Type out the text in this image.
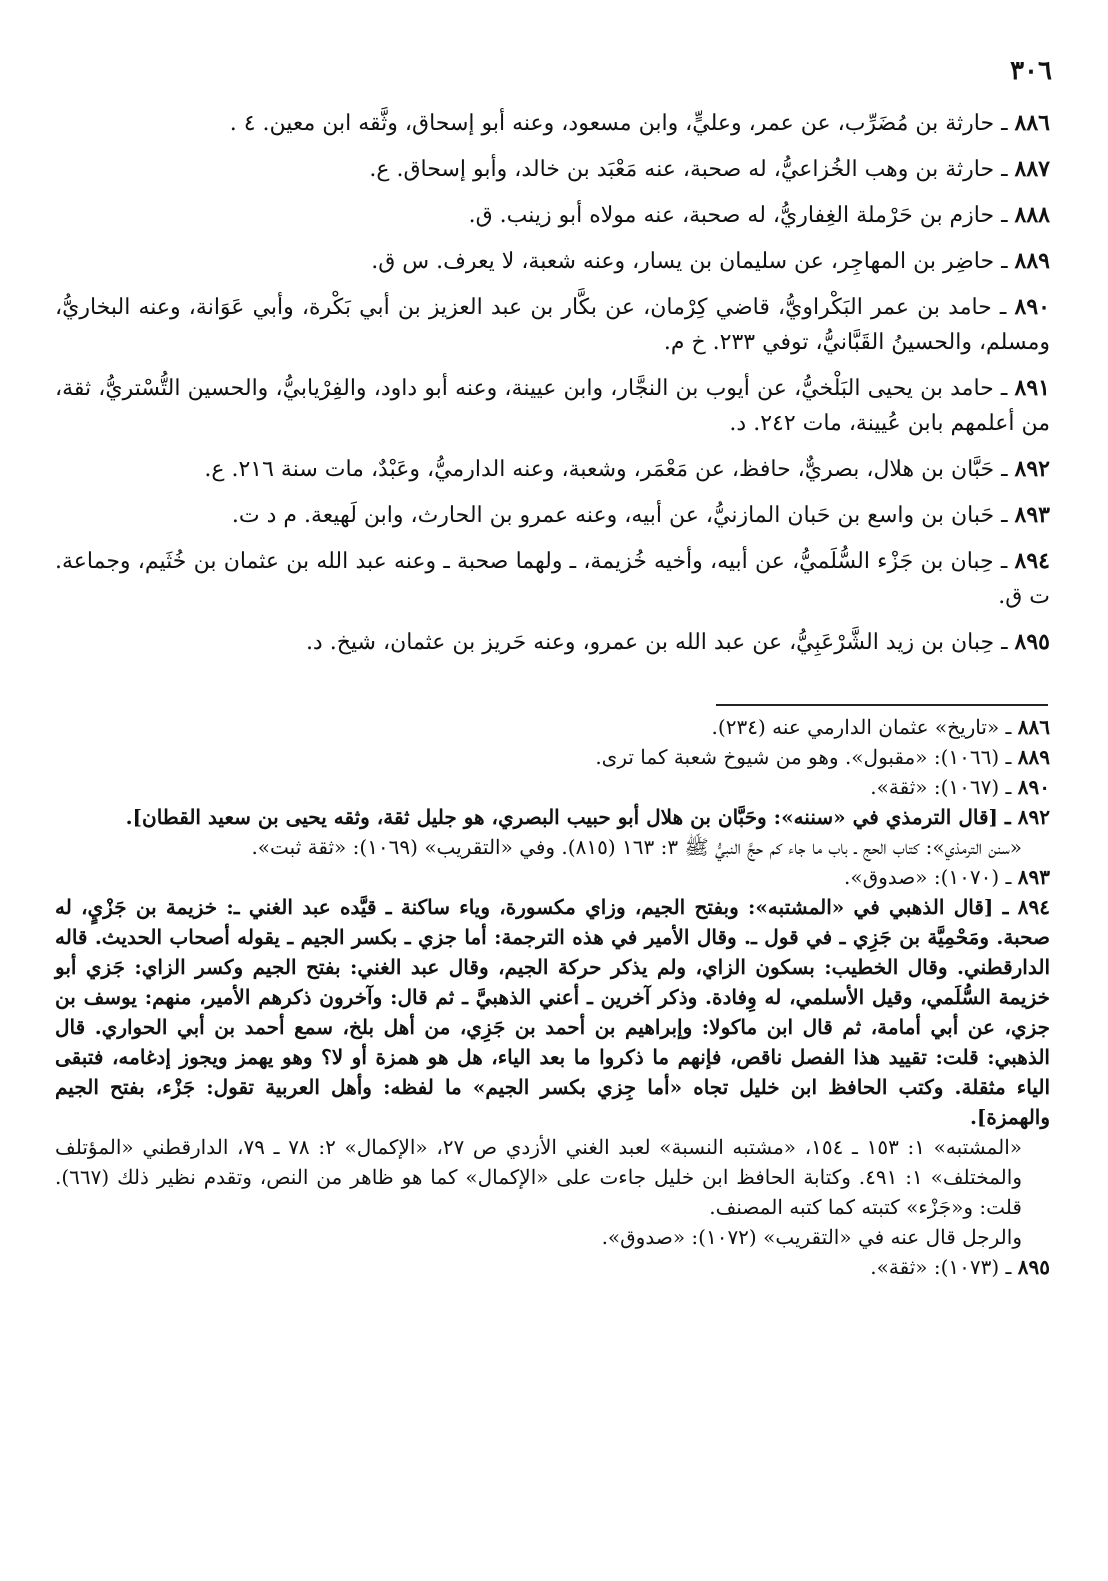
٣٠٦

٨٨٦ ـ حارثة بن مُضَرِّب، عن عمر، وعليٍّ، وابن مسعود، وعنه أبو إسحاق، وثَّقه ابن معين. ٤ .

٨٨٧ ـ حارثة بن وهب الخُزاعيُّ، له صحبة، عنه مَعْبَد بن خالد، وأبو إسحاق. ع.

٨٨٨ ـ حازم بن حَرْملة الغِفاريُّ، له صحبة، عنه مولاه أبو زينب. ق.

٨٨٩ ـ حاضِر بن المهاجِر، عن سليمان بن يسار، وعنه شعبة، لا يعرف. س ق.

٨٩٠ ـ حامد بن عمر البَكْراويُّ، قاضي كِرْمان، عن بكَّار بن عبد العزيز بن أبي بَكْرة، وأبي عَوَانة، وعنه البخاريُّ، ومسلم، والحسينُ القَبَّانيُّ، توفي ٢٣٣. خ م.

٨٩١ ـ حامد بن يحيى البَلْخيُّ، عن أيوب بن النجَّار، وابن عيينة، وعنه أبو داود، والفِرْيابيُّ، والحسين التُّسْتريُّ، ثقة، من أعلمهم بابن عُيينة، مات ٢٤٢. د.

٨٩٢ ـ حَبَّان بن هلال، بصريٌّ، حافظ، عن مَعْمَر، وشعبة، وعنه الدارميُّ، وعَبْدٌ، مات سنة ٢١٦. ع.

٨٩٣ ـ حَبان بن واسع بن حَبان المازنيُّ، عن أبيه، وعنه عمرو بن الحارث، وابن لَهيعة. م د ت.

٨٩٤ ـ حِبان بن جَزْء السُّلَميُّ، عن أبيه، وأخيه خُزيمة، ـ ولهما صحبة ـ وعنه عبد الله بن عثمان بن خُثَيم، وجماعة. ت ق.

٨٩٥ ـ حِبان بن زيد الشَّرْعَبِيُّ، عن عبد الله بن عمرو، وعنه حَريز بن عثمان، شيخ. د.

٨٨٦ ـ «تاريخ» عثمان الدارمي عنه (٢٣٤).

٨٨٩ ـ (١٠٦٦): «مقبول». وهو من شيوخ شعبة كما ترى.

٨٩٠ ـ (١٠٦٧): «ثقة».

٨٩٢ ـ [قال الترمذي في «سننه»: وحَبَّان بن هلال أبو حبيب البصري، هو جليل ثقة، وثقه يحيى بن سعيد القطان].

«سنن الترمذي»: كتاب الحج ـ باب ما جاء كم حجَّ النبيُّ ﷺ ٣: ١٦٣ (٨١٥). وفي «التقريب» (١٠٦٩): «ثقة ثبت».

٨٩٣ ـ (١٠٧٠): «صدوق».

٨٩٤ ـ [قال الذهبي في «المشتبه»: وبفتح الجيم، وزاي مكسورة، وياء ساكنة ـ قيَّده عبد الغني ـ: خزيمة بن جَزْيٍ، له صحبة. ومَحْمِيَّة بن جَزِي ـ في قول ـ. وقال الأمير في هذه الترجمة: أما جزي ـ بكسر الجيم ـ يقوله أصحاب الحديث. قاله الدارقطني. وقال الخطيب: بسكون الزاي، ولم يذكر حركة الجيم، وقال عبد الغني: بفتح الجيم وكسر الزاي: جَزي أبو خزيمة السُّلَمي، وقيل الأسلمي، له وِفادة. وذكر آخرين ـ أعني الذهبيَّ ـ ثم قال: وآخرون ذكرهم الأمير، منهم: يوسف بن جزي، عن أبي أمامة، ثم قال ابن ماكولا: وإبراهيم بن أحمد بن جَزِي، من أهل بلخ، سمع أحمد بن أبي الحواري. قال الذهبي: قلت: تقييد هذا الفصل ناقص، فإنهم ما ذكروا ما بعد الياء، هل هو همزة أو لا؟ وهو يهمز ويجوز إدغامه، فتبقى الياء مثقلة. وكتب الحافظ ابن خليل تجاه «أما جِزي بكسر الجيم» ما لفظه: وأهل العربية تقول: جَزْء، بفتح الجيم والهمزة].

«المشتبه» ١: ١٥٣ ـ ١٥٤، «مشتبه النسبة» لعبد الغني الأزدي ص ٢٧، «الإكمال» ٢: ٧٨ ـ ٧٩، الدارقطني «المؤتلف والمختلف» ١: ٤٩١. وكتابة الحافظ ابن خليل جاءت على «الإكمال» كما هو ظاهر من النص، وتقدم نظير ذلك (٦٦٧). قلت: و«جَزْء» كتبته كما كتبه المصنف.

والرجل قال عنه في «التقريب» (١٠٧٢): «صدوق».

٨٩٥ ـ (١٠٧٣): «ثقة».
